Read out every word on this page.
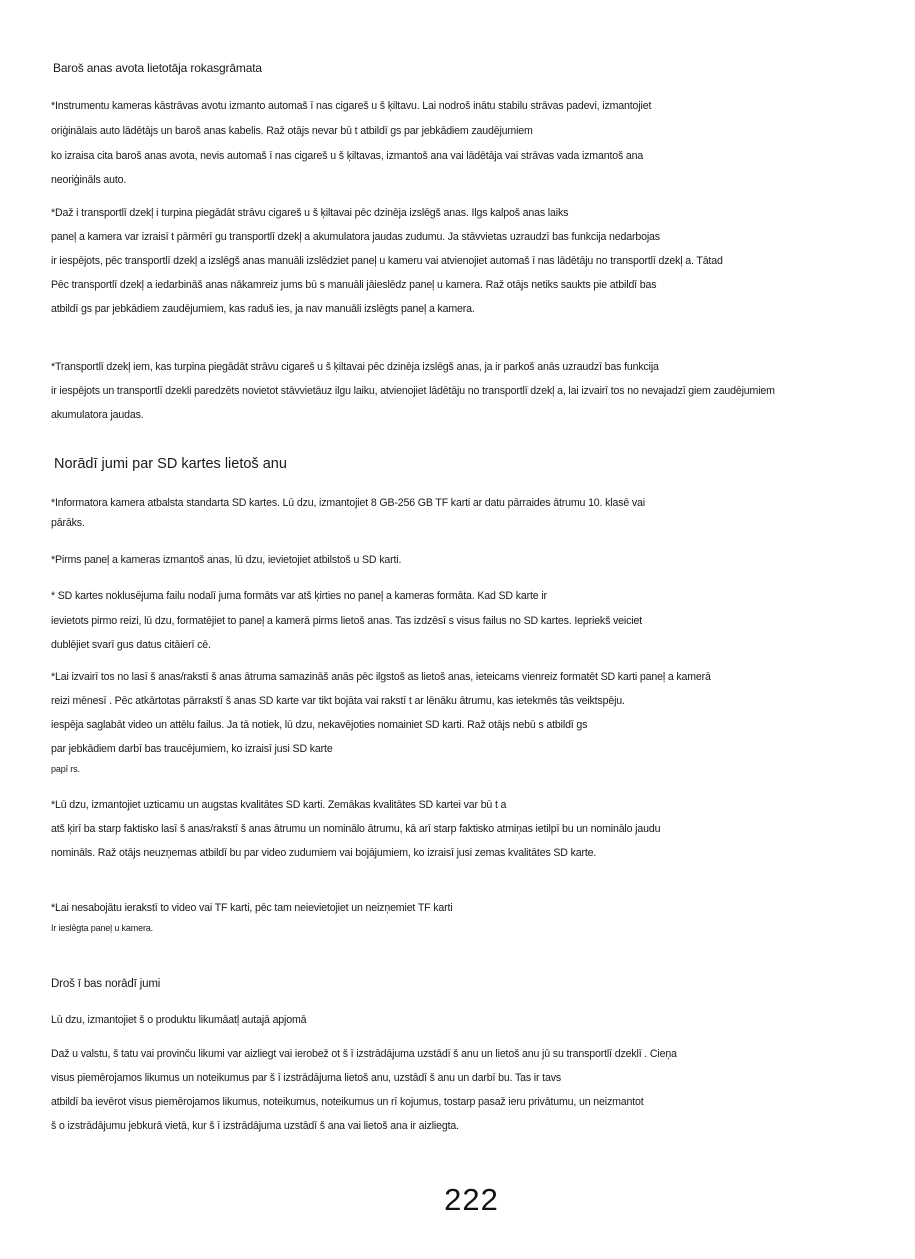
Baroš anas avota lietotāja rokasgrāmata
*Instrumentu kameras kāstrāvas avotu izmanto automaš ī nas cigareš u š ķiltavu. Lai nodroš inātu stabilu strāvas padevi, izmantojiet
oriģinālais auto lādētājs un baroš anas kabelis. Raž otājs nevar bū t atbildī gs par jebkādiem zaudējumiem
ko izraisa cita baroš anas avota, nevis automaš ī nas cigareš u š ķiltavas, izmantoš ana vai lādētāja vai strāvas vada izmantoš ana
neoriģināls auto.
*Daž i transportlī dzekļ i turpina piegādāt strāvu cigareš u š ķiltavai pēc dzinēja izslēgš anas. Ilgs kalpoš anas laiks
paneļ a kamera var izraisī t pārmērī gu transportlī dzekļ a akumulatora jaudas zudumu. Ja stāvvietas uzraudzī bas funkcija nedarbojas
ir iespējots, pēc transportlī dzekļ a izslēgš anas manuāli izslēdziet paneļ u kameru vai atvienojiet automaš ī nas lādētāju no transportlī dzekļ a. Tātad
Pēc transportlī dzekļ a iedarbināš anas nākamreiz jums bū s manuāli jāieslēdz paneļ u kamera. Raž otājs netiks saukts pie atbildī bas
atbildī gs par jebkādiem zaudējumiem, kas raduš ies, ja nav manuāli izslēgts paneļ a kamera.
*Transportlī dzekļ iem, kas turpina piegādāt strāvu cigareš u š ķiltavai pēc dzinēja izslēgš anas, ja ir parkoš anās uzraudzī bas funkcija
ir iespējots un transportlī dzekli paredzēts novietot stāvvietāuz ilgu laiku, atvienojiet lādētāju no transportlī dzekļ a, lai izvairī tos no nevajadzī giem zaudējumiem
akumulatora jaudas.
Norādī jumi par SD kartes lietoš anu
*Informatora kamera atbalsta standarta SD kartes. Lū dzu, izmantojiet 8 GB-256 GB TF karti ar datu pārraides ātrumu 10. klasē vai
pārāks.
*Pirms paneļ a kameras izmantoš anas, lū dzu, ievietojiet atbilstoš u SD karti.
* SD kartes noklusējuma failu nodalī juma formāts var atš ķirties no paneļ a kameras formāta. Kad SD karte ir
ievietots pirmo reizi, lū dzu, formatējiet to paneļ a kamerā pirms lietoš anas. Tas izdzēsī s visus failus no SD kartes. Iepriekš veiciet
dublējiet svarī gus datus citāierī cē.
*Lai izvairī tos no lasī š anas/rakstī š anas ātruma samazināš anās pēc ilgstoš as lietoš anas, ieteicams vienreiz formatēt SD karti paneļ a kamerā
reizi mēnesī . Pēc atkārtotas pārrakstī š anas SD karte var tikt bojāta vai rakstī t ar lēnāku ātrumu, kas ietekmēs tās veiktspēju.
iespēja saglabāt video un attēlu failus. Ja tā notiek, lū dzu, nekavējoties nomainiet SD karti. Raž otājs nebū s atbildī gs
par jebkādiem darbī bas traucējumiem, ko izraisī jusi SD karte
papī rs.
*Lū dzu, izmantojiet uzticamu un augstas kvalitātes SD karti. Zemākas kvalitātes SD kartei var bū t a
atš ķirī ba starp faktisko lasī š anas/rakstī š anas ātrumu un nominālo ātrumu, kā arī starp faktisko atmiņas ietilpī bu un nominālo jaudu
nomināls. Raž otājs neuzņemas atbildī bu par video zudumiem vai bojājumiem, ko izraisī jusi zemas kvalitātes SD karte.
*Lai nesabojātu ierakstī to video vai TF karti, pēc tam neievietojiet un neizņemiet TF karti
Ir ieslēgta paneļ u kamera.
Droš ī bas norādī jumi
Lū dzu, izmantojiet š o produktu likumāatļ autajā apjomā
Daž u valstu, š tatu vai provinču likumi var aizliegt vai ierobež ot š ī izstrādājuma uzstādī š anu un lietoš anu jū su transportlī dzeklī . Cieņa
visus piemērojamos likumus un noteikumus par š ī izstrādājuma lietoš anu, uzstādī š anu un darbī bu. Tas ir tavs
atbildī ba ievērot visus piemērojamos likumus, noteikumus, noteikumus un rī kojumus, tostarp pasaž ieru privātumu, un neizmantot
š o izstrādājumu jebkurā vietā, kur š ī izstrādājuma uzstādī š ana vai lietoš ana ir aizliegta.
222
